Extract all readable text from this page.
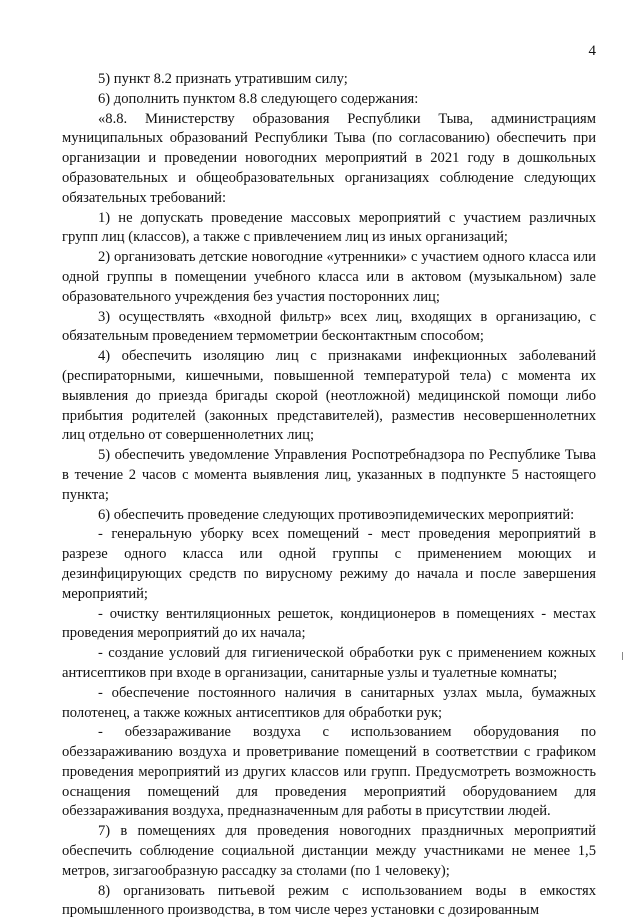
4

5) пункт 8.2 признать утратившим силу;

6) дополнить пунктом 8.8 следующего содержания:

«8.8. Министерству образования Республики Тыва, администрациям муниципальных образований Республики Тыва (по согласованию) обеспечить при организации и проведении новогодних мероприятий в 2021 году в дошкольных образовательных и общеобразовательных организациях соблюдение следующих обязательных требований:

1) не допускать проведение массовых мероприятий с участием различных групп лиц (классов), а также с привлечением лиц из иных организаций;

2) организовать детские новогодние «утренники» с участием одного класса или одной группы в помещении учебного класса или в актовом (музыкальном) зале образовательного учреждения без участия посторонних лиц;

3) осуществлять «входной фильтр» всех лиц, входящих в организацию, с обязательным проведением термометрии бесконтактным способом;

4) обеспечить изоляцию лиц с признаками инфекционных заболеваний (респираторными, кишечными, повышенной температурой тела) с момента их выявления до приезда бригады скорой (неотложной) медицинской помощи либо прибытия родителей (законных представителей), разместив несовершеннолетних лиц отдельно от совершеннолетних лиц;

5) обеспечить уведомление Управления Роспотребнадзора по Республике Тыва в течение 2 часов с момента выявления лиц, указанных в подпункте 5 настоящего пункта;

6) обеспечить проведение следующих противоэпидемических мероприятий:

- генеральную уборку всех помещений - мест проведения мероприятий в разрезе одного класса или одной группы с применением моющих и дезинфицирующих средств по вирусному режиму до начала и после завершения мероприятий;

- очистку вентиляционных решеток, кондиционеров в помещениях - местах проведения мероприятий до их начала;

- создание условий для гигиенической обработки рук с применением кожных антисептиков при входе в организации, санитарные узлы и туалетные комнаты;

- обеспечение постоянного наличия в санитарных узлах мыла, бумажных полотенец, а также кожных антисептиков для обработки рук;

- обеззараживание воздуха с использованием оборудования по обеззараживанию воздуха и проветривание помещений в соответствии с графиком проведения мероприятий из других классов или групп. Предусмотреть возможность оснащения помещений для проведения мероприятий оборудованием для обеззараживания воздуха, предназначенным для работы в присутствии людей.

7) в помещениях для проведения новогодних праздничных мероприятий обеспечить соблюдение социальной дистанции между участниками не менее 1,5 метров, зигзагообразную рассадку за столами (по 1 человеку);

8) организовать питьевой режим с использованием воды в емкостях промышленного производства, в том числе через установки с дозированным
